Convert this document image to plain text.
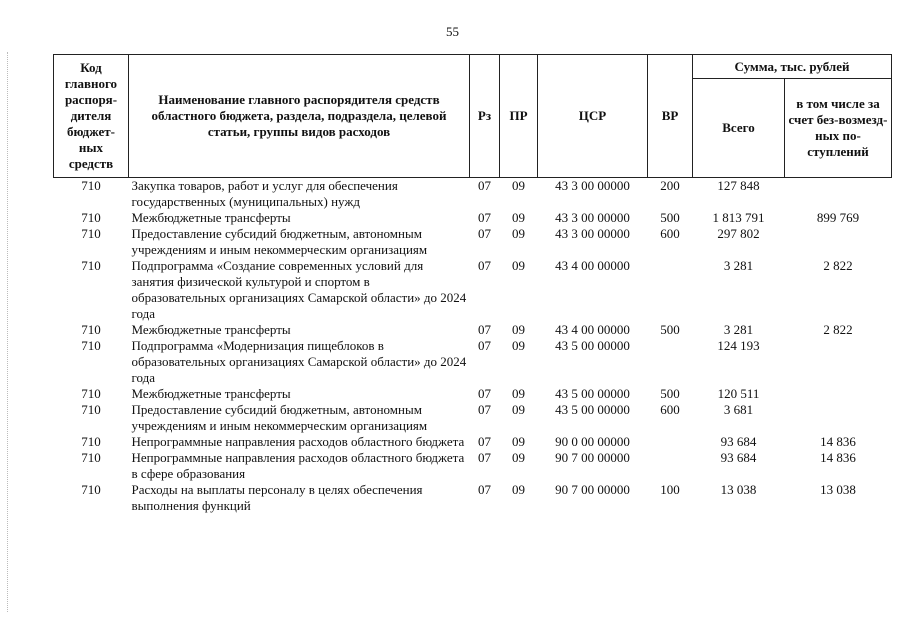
55
Код главного распоря-дителя бюджет-ных средств	Наименование главного распорядителя средств областного бюджета, раздела, подраздела, целевой статьи, группы видов расходов	Рз	ПР	ЦСР	ВР	Сумма, тыс. рублей	
						Всего	в том числе за счет без-возмезд-ных по-ступлений
710	Закупка товаров, работ и услуг для обеспечения государственных (муниципальных) нужд	07	09	43 3 00 00000	200	127 848	
710	Межбюджетные трансферты	07	09	43 3 00 00000	500	1 813 791	899 769
710	Предоставление субсидий бюджетным, автономным учреждениям и иным некоммерческим организациям	07	09	43 3 00 00000	600	297 802	
710	Подпрограмма «Создание современных условий для занятия физической культурой и спортом в образовательных организациях Самарской области» до 2024 года	07	09	43 4 00 00000		3 281	2 822
710	Межбюджетные трансферты	07	09	43 4 00 00000	500	3 281	2 822
710	Подпрограмма «Модернизация пищеблоков в образовательных организациях Самарской области» до 2024 года	07	09	43 5 00 00000		124 193	
710	Межбюджетные трансферты	07	09	43 5 00 00000	500	120 511	
710	Предоставление субсидий бюджетным, автономным учреждениям и иным некоммерческим организациям	07	09	43 5 00 00000	600	3 681	
710	Непрограммные направления расходов областного бюджета	07	09	90 0 00 00000		93 684	14 836
710	Непрограммные направления расходов областного бюджета в сфере образования	07	09	90 7 00 00000		93 684	14 836
710	Расходы на выплаты персоналу в целях обеспечения выполнения функций	07	09	90 7 00 00000	100	13 038	13 038
